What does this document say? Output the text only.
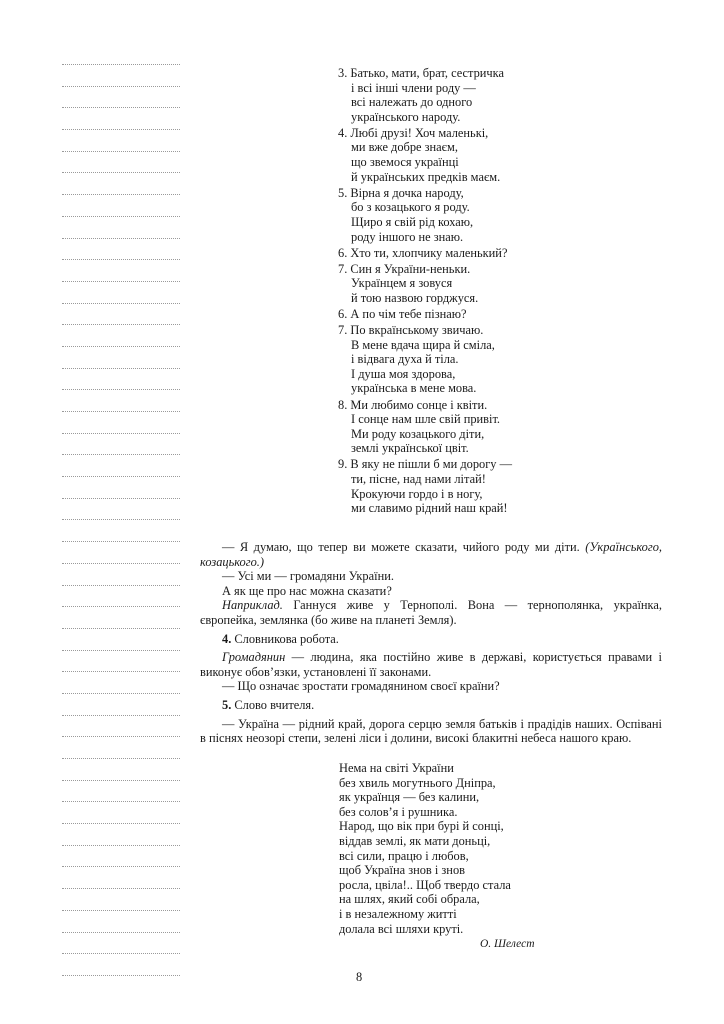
3. Батько, мати, брат, сестричка
і всі інші члени роду —
всі належать до одного
українського народу.
4. Любі друзі! Хоч маленькі,
ми вже добре знаєм,
що звемося українці
й українських предків маєм.
5. Вірна я дочка народу,
бо з козацького я роду.
Щиро я свій рід кохаю,
роду іншого не знаю.
6. Хто ти, хлопчику маленький?
7. Син я України-неньки.
Українцем я зовуся
й тою назвою горджуся.
6. А по чім тебе пізнаю?
7. По вкраїнському звичаю.
В мене вдача щира й сміла,
і відвага духа й тіла.
І душа моя здорова,
українська в мене мова.
8. Ми любимо сонце і квіти.
І сонце нам шле свій привіт.
Ми роду козацького діти,
землі української цвіт.
9. В яку не пішли б ми дорогу —
ти, пісне, над нами літай!
Крокуючи гордо і в ногу,
ми славимо рідний наш край!
— Я думаю, що тепер ви можете сказати, чийого роду ми діти. (Українського, козацького.)
— Усі ми — громадяни України.
А як ще про нас можна сказати?
Наприклад. Ганнуся живе у Тернополі. Вона — тернополянка, українка, європейка, землянка (бо живе на планеті Земля).
4. Словникова робота.
Громадянин — людина, яка постійно живе в державі, користується правами і виконує обов’язки, установлені її законами.
— Що означає зростати громадянином своєї країни?
5. Слово вчителя.
— Україна — рідний край, дорога серцю земля батьків і прадідів наших. Оспівані в піснях неозорі степи, зелені ліси і долини, високі блакитні небеса нашого краю.
Нема на світі України
без хвиль могутнього Дніпра,
як українця — без калини,
без солов’я і рушника.
Народ, що вік при бурі й сонці,
віддав землі, як мати доньці,
всі сили, працю і любов,
щоб Україна знов і знов
росла, цвіла!.. Щоб твердо стала
на шлях, який собі обрала,
і в незалежному житті
долала всі шляхи круті.
О. Шелест
8
